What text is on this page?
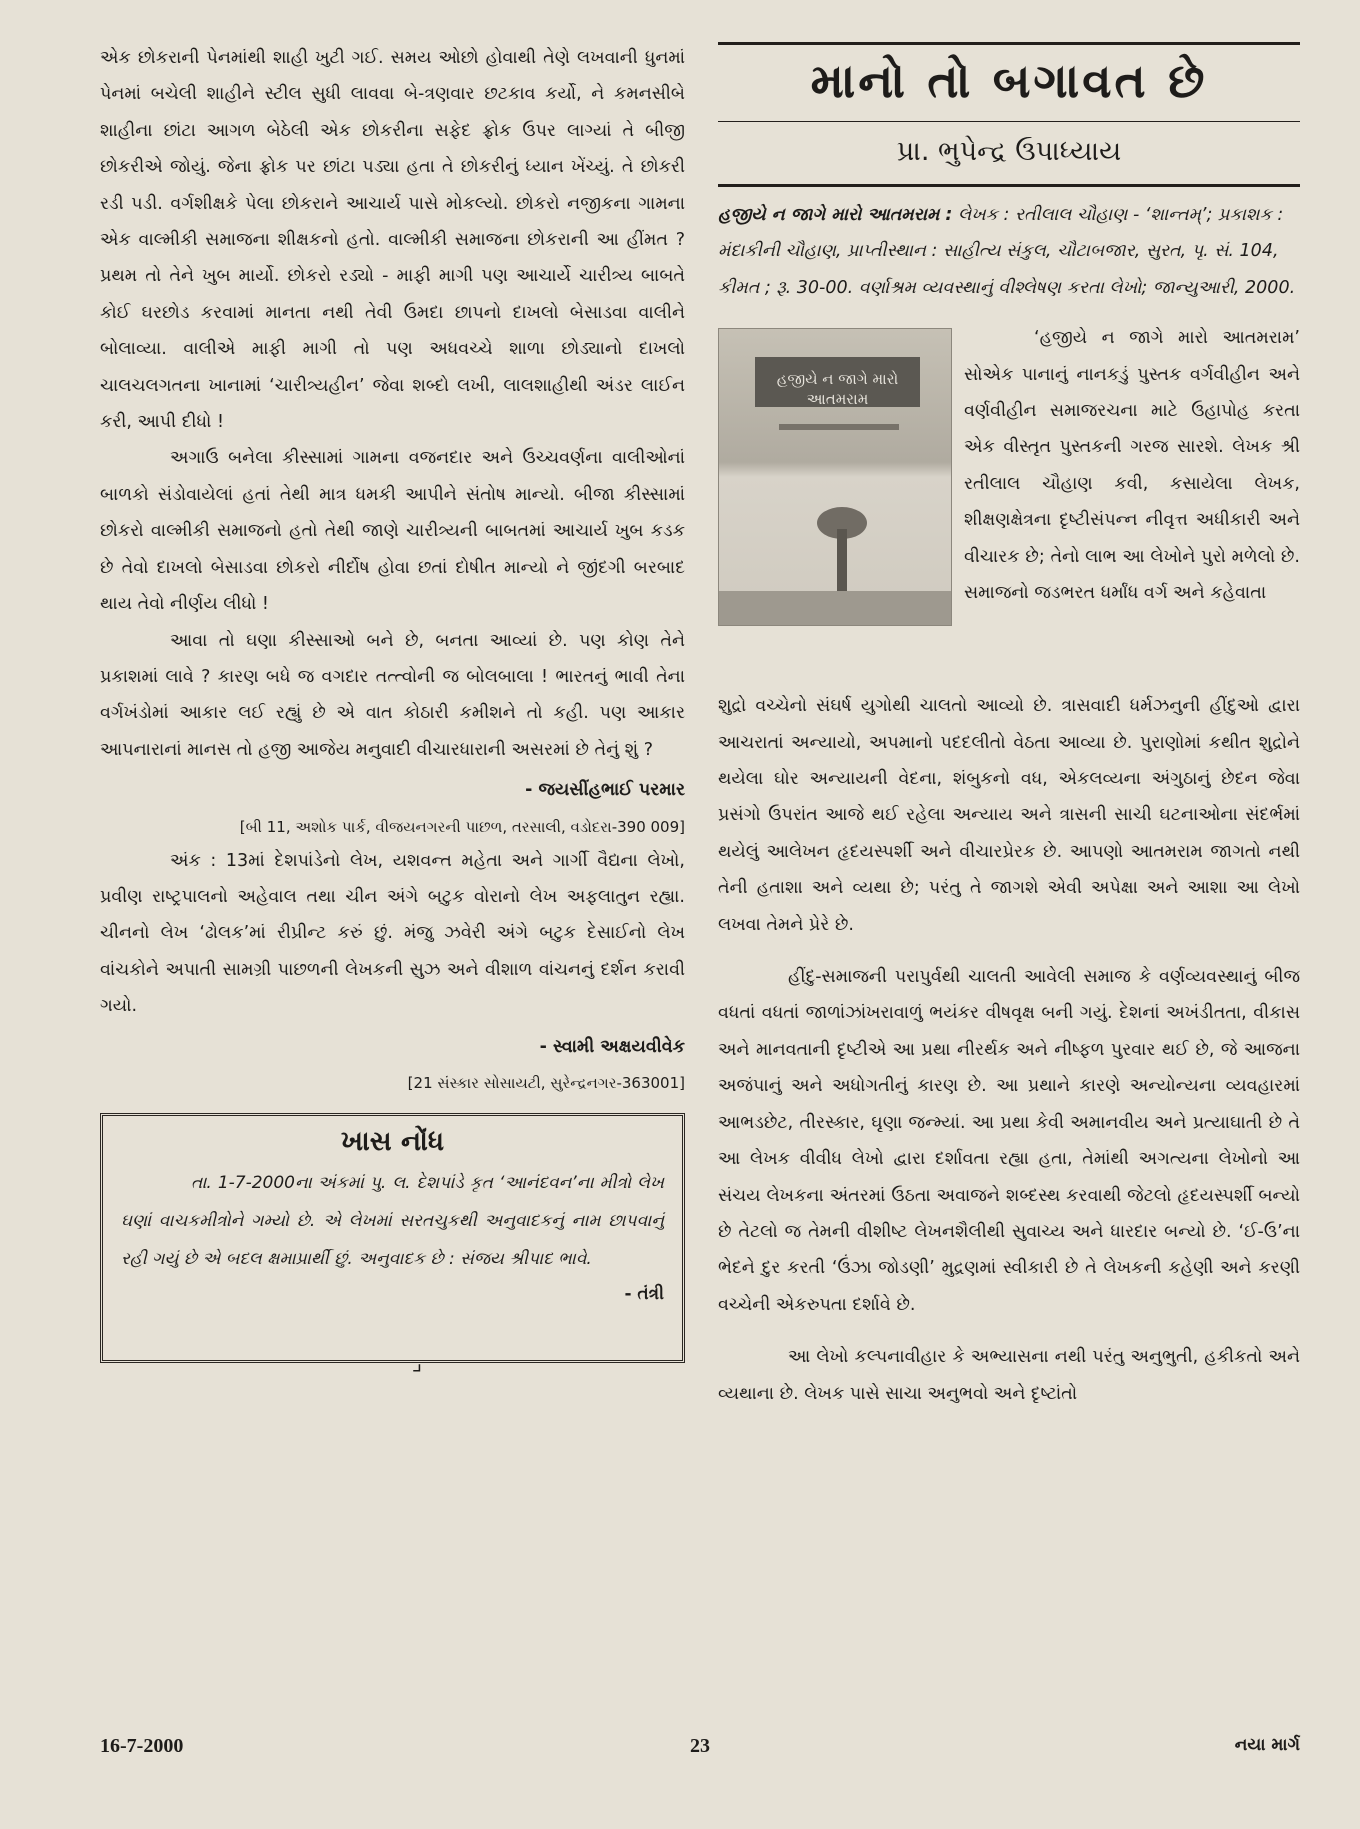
એક છોકરાની પેનમાંથી શાહી ખુટી ગઈ. સમય ઓછો હોવાથી તેણે લખવાની ધુનમાં પેનમાં બચેલી શાહીને સ્ટીલ સુધી લાવવા બે-ત્રણવાર છટકાવ કર્યો, ને કમનસીબે શાહીના છાંટા આગળ બેઠેલી એક છોકરીના સફેદ ફ્રોક ઉપર લાગ્યાં તે બીજી છોકરીએ જોયું. જેના ફ્રોક પર છાંટા પડ્યા હતા તે છોકરીનું ધ્યાન ખેંચ્યું. તે છોકરી રડી પડી. વર્ગશીક્ષકે પેલા છોકરાને આચાર્ય પાસે મોકલ્યો. છોકરો નજીકના ગામના એક વાલ્મીકી સમાજના શીક્ષકનો હતો. વાલ્મીકી સમાજના છોકરાની આ હીંમત ? પ્રથમ તો તેને ખુબ માર્યો. છોકરો રડ્યો - માફી માગી પણ આચાર્યે ચારીત્ર્ય બાબતે કોઈ ઘરછોડ કરવામાં માનતા નથી તેવી ઉમદા છાપનો દાખલો બેસાડવા વાલીને બોલાવ્યા. વાલીએ માફી માગી તો પણ અધવચ્ચે શાળા છોડ્યાનો દાખલો ચાલચલગતના ખાનામાં ‘ચારીત્ર્યહીન’ જેવા શબ્દો લખી, લાલશાહીથી અંડર લાઈન કરી, આપી દીધો !

અગાઉ બનેલા કીસ્સામાં ગામના વજનદાર અને ઉચ્ચવર્ણના વાલીઓનાં બાળકો સંડોવાયેલાં હતાં તેથી માત્ર ધમકી આપીને સંતોષ માન્યો. બીજા કીસ્સામાં છોકરો વાલ્મીકી સમાજનો હતો તેથી જાણે ચારીત્ર્યની બાબતમાં આચાર્ય ખુબ કડક છે તેવો દાખલો બેસાડવા છોકરો નીર્દોષ હોવા છતાં દોષીત માન્યો ને જીંદગી બરબાદ થાય તેવો નીર્ણય લીધો !

આવા તો ઘણા કીસ્સાઓ બને છે, બનતા આવ્યાં છે. પણ કોણ તેને પ્રકાશમાં લાવે ? કારણ બધે જ વગદાર તત્ત્વોની જ બોલબાલા ! ભારતનું ભાવી તેના વર્ગખંડોમાં આકાર લઈ રહ્યું છે એ વાત કોઠારી કમીશને તો કહી. પણ આકાર આપનારાનાં માનસ તો હજી આજેય મનુવાદી વીચારધારાની અસરમાં છે તેનું શું ?

- જયસીંહભાઈ પરમાર
[બી 11, અશોક પાર્ક, વીજયનગરની પાછળ, તરસાલી, વડોદરા-390 009]

અંક : 13માં દેશપાંડેનો લેખ, યશવન્ત મહેતા અને ગાર્ગી વૈદ્યના લેખો, પ્રવીણ રાષ્ટ્રપાલનો અહેવાલ તથા ચીન અંગે બટુક વોરાનો લેખ અફલાતુન રહ્યા. ચીનનો લેખ ‘ઢોલક’માં રીપ્રીન્ટ કરું છું. મંજુ ઝવેરી અંગે બટુક દેસાઈનો લેખ વાંચકોને અપાતી સામગ્રી પાછળની લેખકની સુઝ અને વીશાળ વાંચનનું દર્શન કરાવી ગયો.

- સ્વામી અક્ષયવીવેક
[21 સંસ્કાર સોસાયટી, સુરેન્દ્રનગર-363001]
ખાસ નોંધ
તા. 1-7-2000ના અંકમાં પુ. લ. દેશપાંડે કૃત ‘આનંદવન’ના મીત્રો લેખ ઘણાં વાચકમીત્રોને ગમ્યો છે. એ લેખમાં સરતચુકથી અનુવાદકનું નામ છાપવાનું રહી ગયું છે એ બદલ ક્ષમાપ્રાર્થી છું. અનુવાદક છે : સંજય શ્રીપાદ ભાવે.
- તંત્રી
⌟
માનો તો બગાવત છે
પ્રા. ભુપેન્દ્ર ઉપાધ્યાય
હજીયે ન જાગે મારો આતમરામ : લેખક : રતીલાલ ચૌહાણ - ‘શાન્તમ્’; પ્રકાશક : મંદાકીની ચૌહાણ, પ્રાપ્તીસ્થાન : સાહીત્ય સંકુલ, ચૌટાબજાર, સુરત, પૃ. સં. 104, કીમત ; રૂ. 30-00. વર્ણાશ્રમ વ્યવસ્થાનું વીશ્લેષણ કરતા લેખો; જાન્યુઆરી, 2000.
હજીયે ન જાગે મારો આતમરામ
‘હજીયે ન જાગે મારો આતમરામ’ સોએક પાનાનું નાનકડું પુસ્તક વર્ગવીહીન અને વર્ણવીહીન સમાજરચના માટે ઉહાપોહ કરતા એક વીસ્તૃત પુસ્તકની ગરજ સારશે. લેખક શ્રી રતીલાલ ચૌહાણ કવી, કસાયેલા લેખક, શીક્ષણક્ષેત્રના દૃષ્ટીસંપન્ન નીવૃત્ત અધીકારી અને વીચારક છે; તેનો લાભ આ લેખોને પુરો મળેલો છે. સમાજનો જડભરત ધર્માંધ વર્ગ અને કહેવાતા

શુદ્રો વચ્ચેનો સંઘર્ષ યુગોથી ચાલતો આવ્યો છે. ત્રાસવાદી ધર્મઝનુની હીંદુઓ દ્વારા આચરાતાં અન્યાયો, અપમાનો પદદલીતો વેઠતા આવ્યા છે. પુરાણોમાં કથીત શુદ્રોને થયેલા ઘોર અન્યાયની વેદના, શંબુકનો વધ, એકલવ્યના અંગુઠાનું છેદન જેવા પ્રસંગો ઉપરાંત આજે થઈ રહેલા અન્યાય અને ત્રાસની સાચી ઘટનાઓના સંદર્ભમાં થયેલું આલેખન હૃદયસ્પર્શી અને વીચારપ્રેરક છે. આપણો આતમરામ જાગતો નથી તેની હતાશા અને વ્યથા છે; પરંતુ તે જાગશે એવી અપેક્ષા અને આશા આ લેખો લખવા તેમને પ્રેરે છે.

હીંદુ-સમાજની પરાપુર્વથી ચાલતી આવેલી સમાજ કે વર્ણવ્યવસ્થાનું બીજ વધતાં વધતાં જાળાંઝાંખરાવાળું ભયંકર વીષવૃક્ષ બની ગયું. દેશનાં અખંડીતતા, વીકાસ અને માનવતાની દૃષ્ટીએ આ પ્રથા નીરર્થક અને નીષ્ફળ પુરવાર થઈ છે, જે આજના અજંપાનું અને અધોગતીનું કારણ છે. આ પ્રથાને કારણે અન્યોન્યના વ્યવહારમાં આભડછેટ, તીરસ્કાર, ઘૃણા જન્મ્યાં. આ પ્રથા કેવી અમાનવીય અને પ્રત્યાઘાતી છે તે આ લેખક વીવીધ લેખો દ્વારા દર્શાવતા રહ્યા હતા, તેમાંથી અગત્યના લેખોનો આ સંચય લેખકના અંતરમાં ઉઠતા અવાજને શબ્દસ્થ કરવાથી જેટલો હૃદયસ્પર્શી બન્યો છે તેટલો જ તેમની વીશીષ્ટ લેખનશૈલીથી સુવાચ્ય અને ધારદાર બન્યો છે. ‘ઈ-ઉ’ના ભેદને દુર કરતી ‘ઉંઝા જોડણી’ મુદ્રણમાં સ્વીકારી છે તે લેખકની કહેણી અને કરણી વચ્ચેની એકરુપતા દર્શાવે છે.

આ લેખો કલ્પનાવીહાર કે અભ્યાસના નથી પરંતુ અનુભુતી, હકીકતો અને વ્યથાના છે. લેખક પાસે સાચા અનુભવો અને દૃષ્ટાંતો

16-7-2000	23	નયા માર્ગ
